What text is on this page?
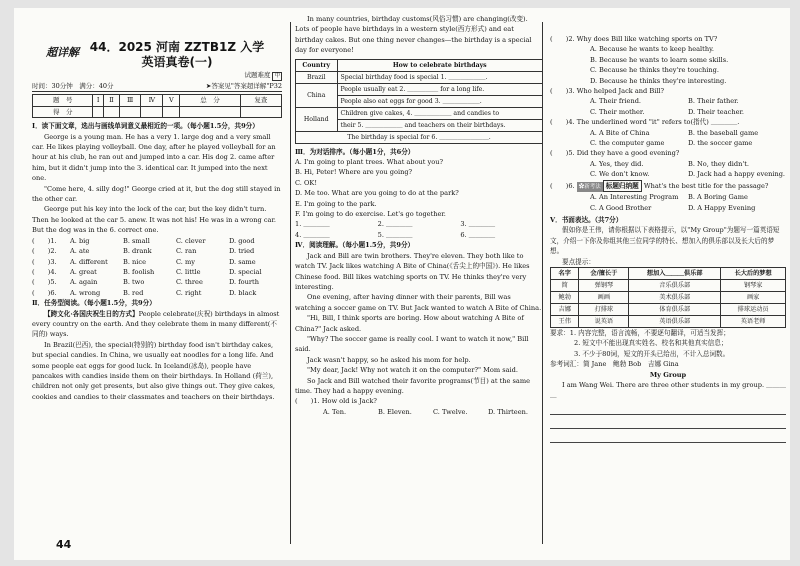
超详解 44．2025 河南 ZZTB1Z 入学
英语真卷(一)
试题难度 中
时间：30分钟　满分：40分	➤答案见"答案超详解"P32
题　号	Ⅰ	Ⅱ	Ⅲ	Ⅳ	Ⅴ	总　分	复查
得　分							

Ⅰ．读下面文章，选出与画线单词意义最相近的一项。（每小题1.5分，共9分）

George is a young man. He has a very 1. large dog and a very small car. He likes playing volleyball. One day, after he played volleyball for an hour at his club, he ran out and jumped into a car. His dog 2. came after him, but it didn't jump into the 3. identical car. It jumped into the next one.

"Come here, 4. silly dog!" George cried at it, but the dog still stayed in the other car.

George put his key into the lock of the car, but the key didn't turn. Then he looked at the car 5. anew. It was not his! He was in a wrong car. But the dog was in the 6. correct one.

(　　)1.	A. big	B. small	C. clever	D. good
(　　)2.	A. ate	B. drank	C. ran	D. tried
(　　)3.	A. different	B. nice	C. my	D. same
(　　)4.	A. great	B. foolish	C. little	D. special
(　　)5.	A. again	B. two	C. three	D. fourth
(　　)6.	A. wrong	B. red	C. right	D. black

Ⅱ．任务型阅读。（每小题1.5分，共9分）

【跨文化·各国庆祝生日的方式】People celebrate(庆祝) birthdays in almost every country on the earth. And they celebrate them in many different(不同的) ways.

In Brazil(巴西), the special(特别的) birthday food isn't birthday cakes, but special candies. In China, we usually eat noodles for a long life. And some people eat eggs for good luck. In Iceland(冰岛), people have pancakes with candies inside them on their birthdays. In Holland (荷兰), children not only get presents, but also give things out. They give cakes, cookies and candies to their classmates and teachers on their birthdays.

44

In many countries, birthday customs(风俗习惯) are changing(改变). Lots of people have birthdays in a western style(西方形式) and eat birthday cakes. But one thing never changes—the birthday is a special day for everyone!

Country	How to celebrate birthdays
Brazil	Special birthday food is special 1. ＿＿＿＿＿＿.
China	People usually eat 2. ＿＿＿＿＿ for a long life.
	People also eat eggs for good 3. ＿＿＿＿＿＿.
Holland	Children give cakes, 4. ＿＿＿＿＿＿ and candies to
	their 5. ＿＿＿＿＿＿ and teachers on their birthdays.
The birthday is special for 6. ＿＿＿＿＿＿＿＿.	

Ⅲ．为对话排序。（每小题1分，共6分）

A. I'm going to plant trees. What about you?

B. Hi, Peter! Where are you going?

C. OK!

D. Me too. What are you going to do at the park?

E. I'm going to the park.

F. I'm going to do exercise. Let's go together.

1. ＿＿＿＿	2. ＿＿＿＿	3. ＿＿＿＿
4. ＿＿＿＿	5. ＿＿＿＿	6. ＿＿＿＿

Ⅳ．阅读理解。（每小题1.5分，共9分）

Jack and Bill are twin brothers. They're eleven. They both like to watch TV. Jack likes watching A Bite of China(《舌尖上的中国》). He likes Chinese food. Bill likes watching sports on TV. He thinks they're very interesting.

One evening, after having dinner with their parents, Bill was watching a soccer game on TV. But Jack wanted to watch A Bite of China.

"Hi, Bill, I think sports are boring. How about watching A Bite of China?" Jack asked.

"Why? The soccer game is really cool. I want to watch it now," Bill said.

Jack wasn't happy, so he asked his mom for help.

"My dear, Jack! Why not watch it on the computer?" Mom said.

So Jack and Bill watched their favorite programs(节目) at the same time. They had a happy evening.

(　　)1. How old is Jack?

A. Ten.	B. Eleven.	C. Twelve.	D. Thirteen.

(　　)2. Why does Bill like watching sports on TV?

A. Because he wants to keep healthy.
B. Because he wants to learn some skills.
C. Because he thinks they're touching.
D. Because he thinks they're interesting.

(　　)3. Who helped Jack and Bill?

A. Their friend.	B. Their father.
C. Their mother.	D. Their teacher.

(　　)4. The underlined word "it" refers to(指代) ＿＿＿＿.

A. A Bite of China	B. the baseball game
C. the computer game	D. the soccer game

(　　)5. Did they have a good evening?

A. Yes, they did.	B. No, they didn't.
C. We don't know.	D. Jack had a happy evening.

(　　)6. ✿新考法 标题归纳题 What's the best title for the passage?

A. An Interesting Program	B. A Boring Game
C. A Good Brother	D. A Happy Evening

Ⅴ．书面表达。（共7分）

假如你是王伟，请你根据以下表格提示，以"My Group"为题写一篇英语短文，介绍一下你及你组其他三位同学的特长、想加入的俱乐部以及长大后的梦想。

要点提示：

名字	会/擅长于	想加入＿＿＿俱乐部	长大后的梦想
简	弹钢琴	音乐俱乐部	钢琴家
鲍勃	画画	美术俱乐部	画家
吉娜	打排球	体育俱乐部	排球运动员
王伟	说英语	英语俱乐部	英语老师

要求：1. 内容完整，语言流畅，不要逐句翻译，可适当发挥；

2. 短文中不能出现真实姓名、校名和其他真实信息；

3. 不少于80词，短文的开头已给出，不计入总词数。

参考词汇：简 Jane　鲍勃 Bob　吉娜 Gina

My Group

I am Wang Wei. There are three other students in my group. ＿＿＿＿
